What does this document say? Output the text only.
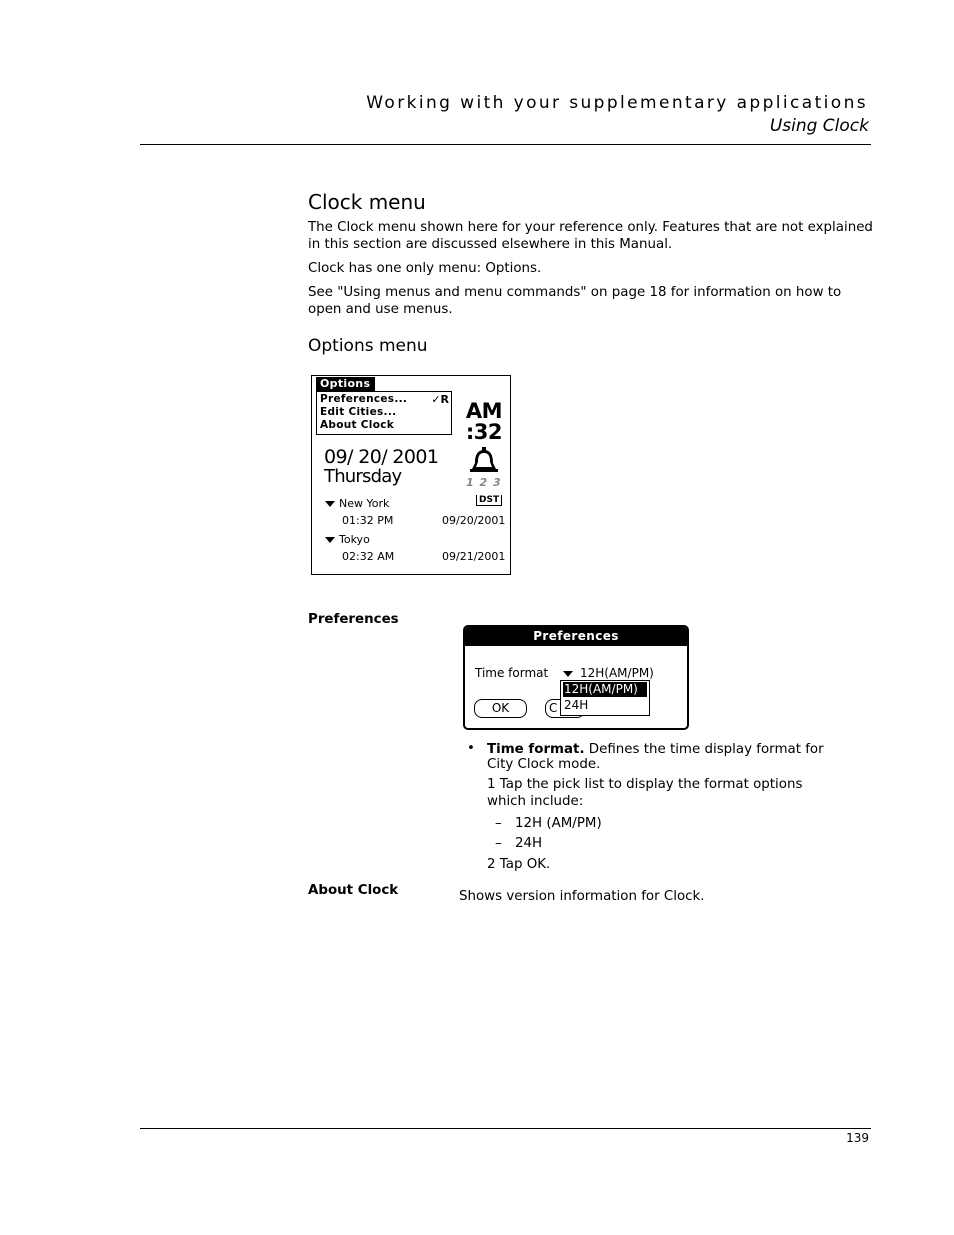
Working with your supplementary applications
Using Clock
Clock menu

The Clock menu shown here for your reference only. Features that are not explained in this section are discussed elsewhere in this Manual.

Clock has one only menu: Options.

See "Using menus and menu commands" on page 18 for information on how to open and use menus.

Options menu

AM
:32
Options
Preferences... ✓R
Edit Cities...
About Clock
09/ 20/ 2001
Thursday	1 2 3
DST
New York
01:32 PM	09/20/2001
Tokyo
02:32 AM	09/21/2001
Preferences
Preferences
Time format	12H(AM/PM)
OK	C
12H(AM/PM)
24H
• Time format. Defines the time display format for City Clock mode.
1 Tap the pick list to display the format options which include:
– 12H (AM/PM)
– 24H
2 Tap OK.
About Clock	Shows version information for Clock.
139
